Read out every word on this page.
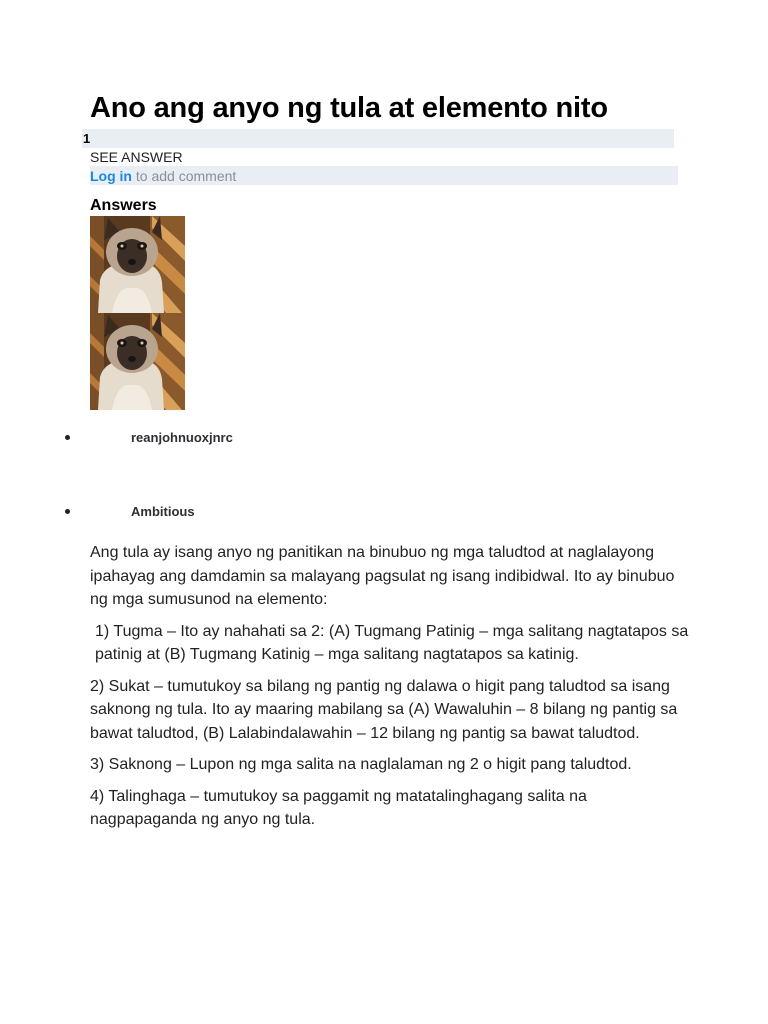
Ano ang anyo ng tula at elemento nito
1
SEE ANSWER
Log in to add comment
Answers
reanjohnuoxjnrc
Ambitious

Ang tula ay isang anyo ng panitikan na binubuo ng mga taludtod at naglalayong ipahayag ang damdamin sa malayang pagsulat ng isang indibidwal. Ito ay binubuo ng mga sumusunod na elemento:

1) Tugma – Ito ay nahahati sa 2: (A) Tugmang Patinig – mga salitang nagtatapos sa patinig at (B) Tugmang Katinig – mga salitang nagtatapos sa katinig.

2) Sukat – tumutukoy sa bilang ng pantig ng dalawa o higit pang taludtod sa isang saknong ng tula. Ito ay maaring mabilang sa (A) Wawaluhin – 8 bilang ng pantig sa bawat taludtod, (B) Lalabindalawahin – 12 bilang ng pantig sa bawat taludtod.

3) Saknong – Lupon ng mga salita na naglalaman ng 2 o higit pang taludtod.

4) Talinghaga – tumutukoy sa paggamit ng matatalinghagang salita na nagpapaganda ng anyo ng tula.
